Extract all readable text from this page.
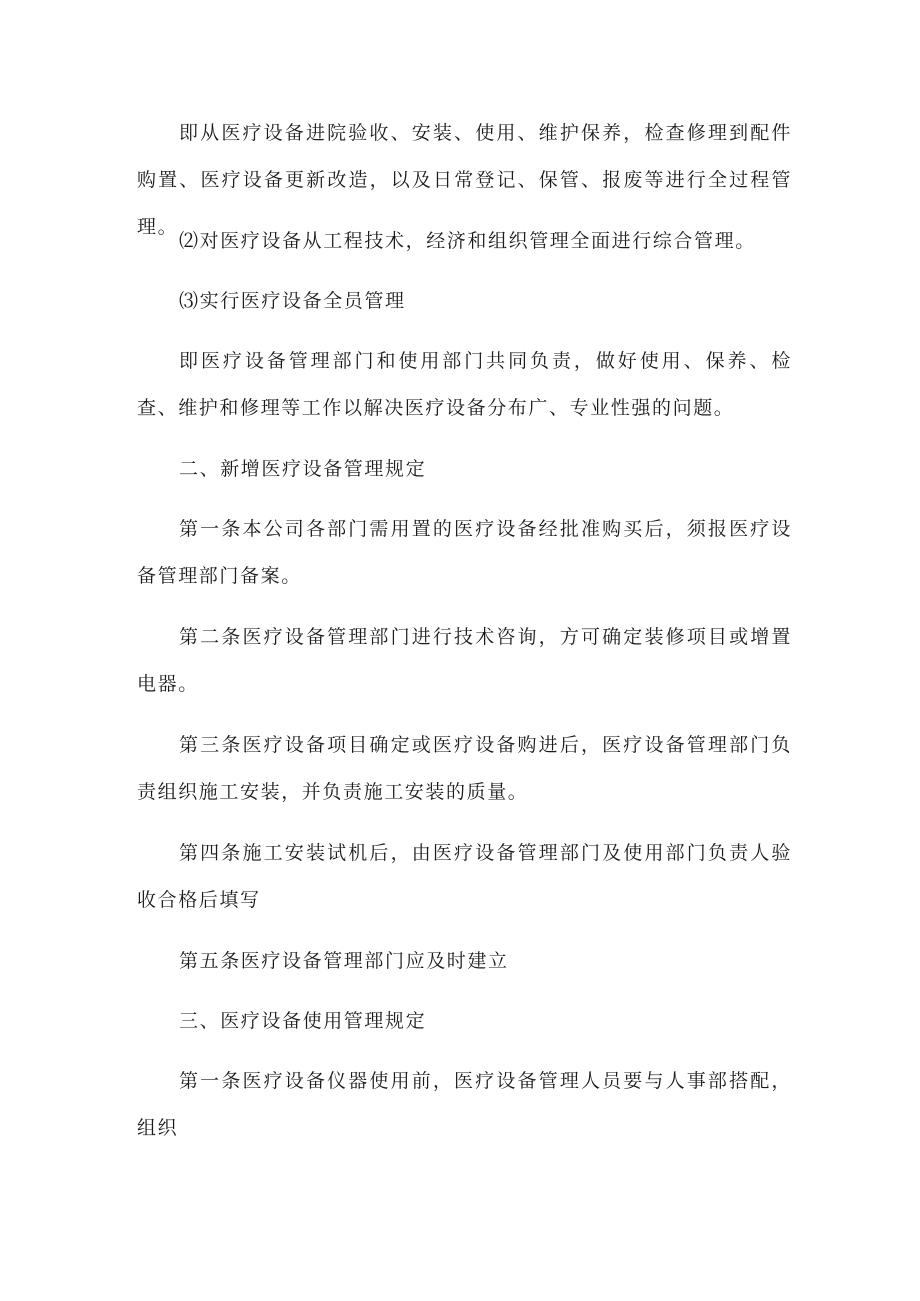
即从医疗设备进院验收、安装、使用、维护保养，检查修理到配件购置、医疗设备更新改造，以及日常登记、保管、报废等进行全过程管理。

⑵对医疗设备从工程技术，经济和组织管理全面进行综合管理。

⑶实行医疗设备全员管理

即医疗设备管理部门和使用部门共同负责，做好使用、保养、检查、维护和修理等工作以解决医疗设备分布广、专业性强的问题。

二、新增医疗设备管理规定

第一条本公司各部门需用置的医疗设备经批准购买后，须报医疗设备管理部门备案。

第二条医疗设备管理部门进行技术咨询，方可确定装修项目或增置电器。

第三条医疗设备项目确定或医疗设备购进后，医疗设备管理部门负责组织施工安装，并负责施工安装的质量。

第四条施工安装试机后，由医疗设备管理部门及使用部门负责人验收合格后填写

第五条医疗设备管理部门应及时建立

三、医疗设备使用管理规定

第一条医疗设备仪器使用前，医疗设备管理人员要与人事部搭配，组织
